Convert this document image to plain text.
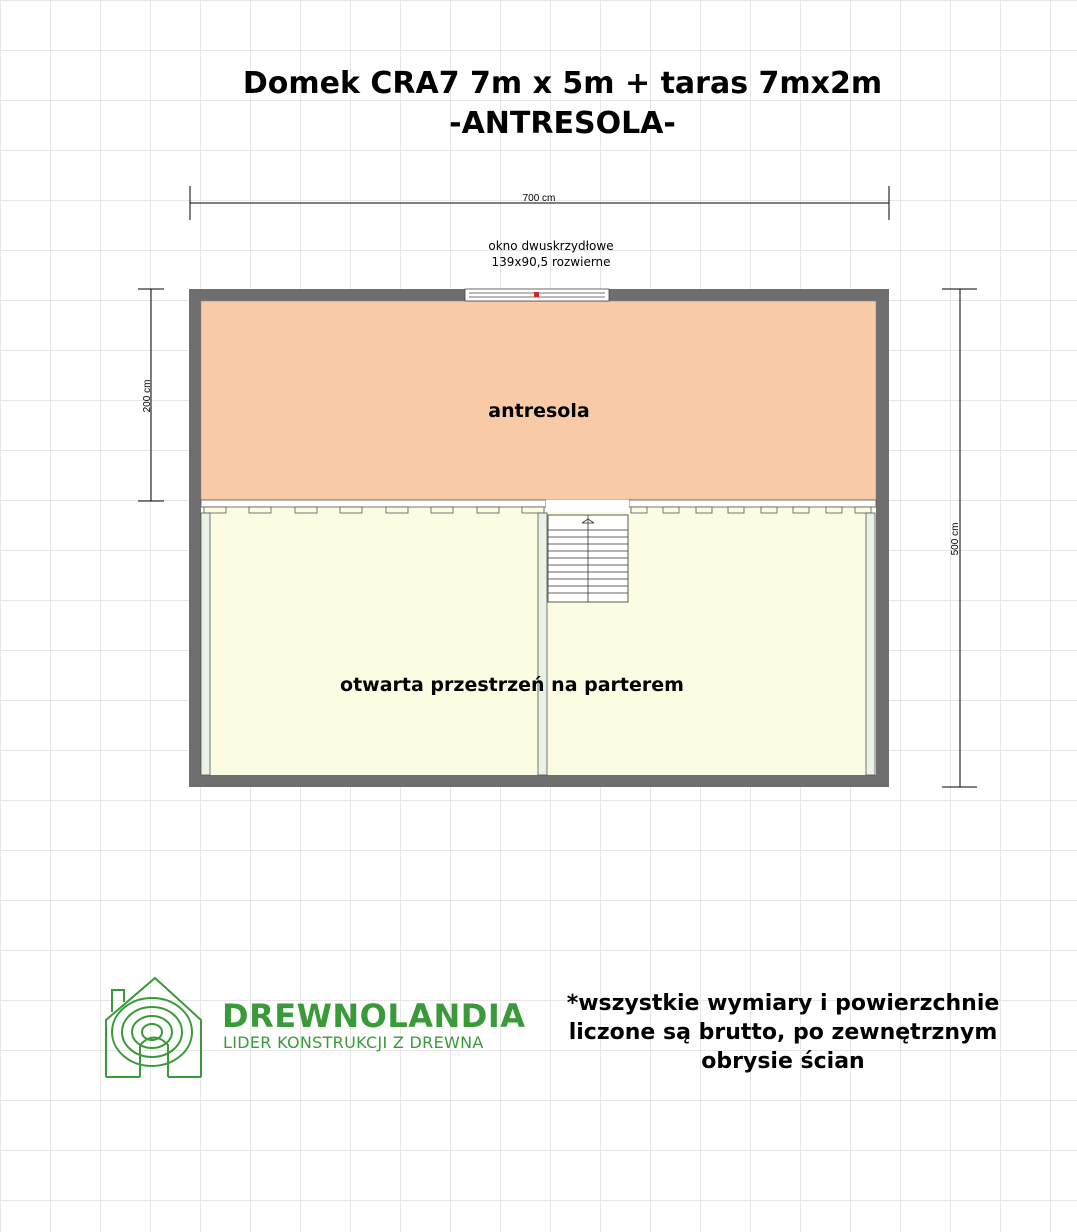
Domek CRA7 7m x 5m + taras 7mx2m
-ANTRESOLA-
700 cm
200 cm
500 cm
okno dwuskrzydłowe
139x90,5 rozwierne
antresola
otwarta przestrzeń na parterem
DREWNOLANDIA
LIDER KONSTRUKCJI Z DREWNA
*wszystkie wymiary i powierzchnie
liczone są brutto, po zewnętrznym
obrysie ścian
